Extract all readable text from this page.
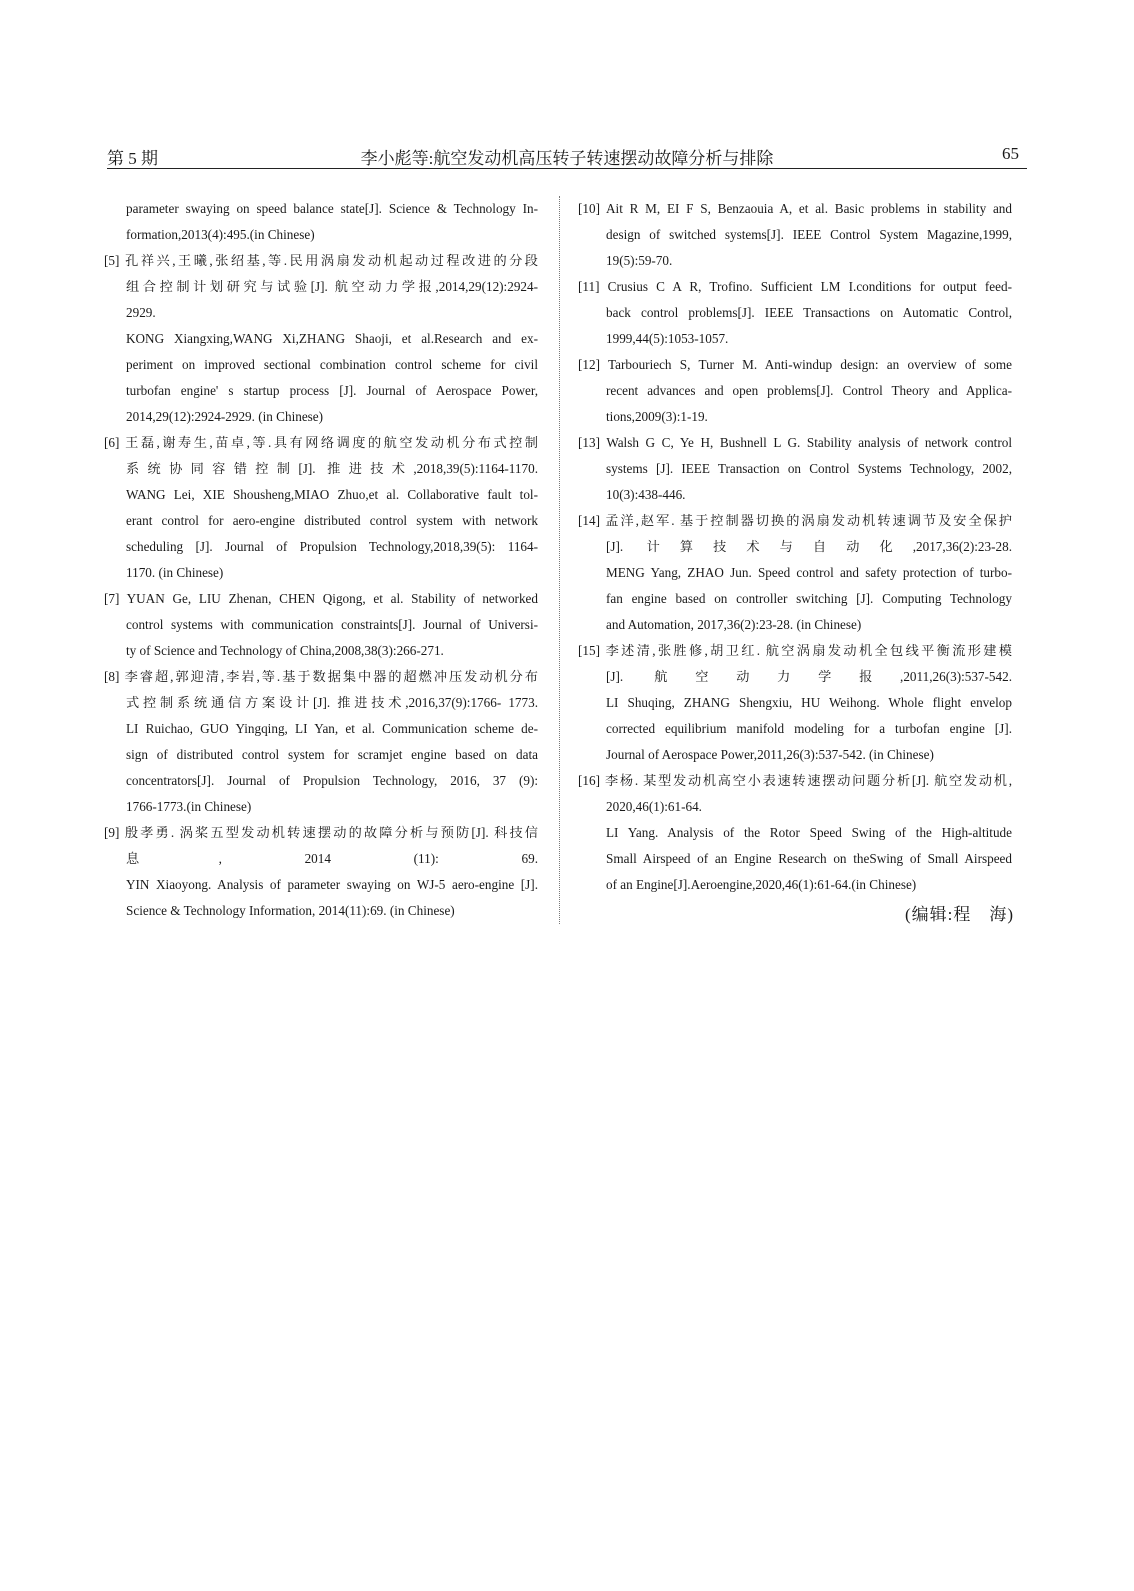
第 5 期	李小彪等:航空发动机高压转子转速摆动故障分析与排除	65
parameter swaying on speed balance state[J]. Science & Technology In-
formation,2013(4):495.(in Chinese)
[5] 孔祥兴,王曦,张绍基,等.民用涡扇发动机起动过程改进的分段
组合控制计划研究与试验[J]. 航空动力学报,2014,29(12):2924-
2929.
KONG Xiangxing,WANG Xi,ZHANG Shaoji, et al.Research and ex-
periment on improved sectional combination control scheme for civil
turbofan engine' s startup process [J]. Journal of Aerospace Power,
2014,29(12):2924-2929. (in Chinese)
[6] 王磊,谢寿生,苗卓,等.具有网络调度的航空发动机分布式控制
系统协同容错控制[J]. 推进技术,2018,39(5):1164-1170.
WANG Lei, XIE Shousheng,MIAO Zhuo,et al. Collaborative fault tol-
erant control for aero-engine distributed control system with network
scheduling [J]. Journal of Propulsion Technology,2018,39(5): 1164-
1170. (in Chinese)
[7] YUAN Ge, LIU Zhenan, CHEN Qigong, et al. Stability of networked
control systems with communication constraints[J]. Journal of Universi-
ty of Science and Technology of China,2008,38(3):266-271.
[8] 李睿超,郭迎清,李岩,等.基于数据集中器的超燃冲压发动机分布
式控制系统通信方案设计[J]. 推进技术,2016,37(9):1766- 1773.
LI Ruichao, GUO Yingqing, LI Yan, et al. Communication scheme de-
sign of distributed control system for scramjet engine based on data
concentrators[J]. Journal of Propulsion Technology, 2016, 37 (9):
1766-1773.(in Chinese)
[9] 殷孝勇. 涡桨五型发动机转速摆动的故障分析与预防[J]. 科技信
息, 2014 (11): 69.
YIN Xiaoyong. Analysis of parameter swaying on WJ-5 aero-engine [J].
Science & Technology Information, 2014(11):69. (in Chinese)
[10] Ait R M, EI F S, Benzaouia A, et al. Basic problems in stability and
design of switched systems[J]. IEEE Control System Magazine,1999,
19(5):59-70.
[11] Crusius C A R, Trofino. Sufficient LM I.conditions for output feed-
back control problems[J]. IEEE Transactions on Automatic Control,
1999,44(5):1053-1057.
[12] Tarbouriech S, Turner M. Anti-windup design: an overview of some
recent advances and open problems[J]. Control Theory and Applica-
tions,2009(3):1-19.
[13] Walsh G C, Ye H, Bushnell L G. Stability analysis of network control
systems [J]. IEEE Transaction on Control Systems Technology, 2002,
10(3):438-446.
[14] 孟洋,赵军. 基于控制器切换的涡扇发动机转速调节及安全保护
[J]. 计算技术与自动化,2017,36(2):23-28.
MENG Yang, ZHAO Jun. Speed control and safety protection of turbo-
fan engine based on controller switching [J]. Computing Technology
and Automation, 2017,36(2):23-28. (in Chinese)
[15] 李述清,张胜修,胡卫红. 航空涡扇发动机全包线平衡流形建模
[J]. 航空动力学报,2011,26(3):537-542.
LI Shuqing, ZHANG Shengxiu, HU Weihong. Whole flight envelop
corrected equilibrium manifold modeling for a turbofan engine [J].
Journal of Aerospace Power,2011,26(3):537-542. (in Chinese)
[16] 李杨. 某型发动机高空小表速转速摆动问题分析[J]. 航空发动机,
2020,46(1):61-64.
LI Yang. Analysis of the Rotor Speed Swing of the High-altitude
Small Airspeed of an Engine Research on theSwing of Small Airspeed
of an Engine[J].Aeroengine,2020,46(1):61-64.(in Chinese)
(编辑:程　海)
